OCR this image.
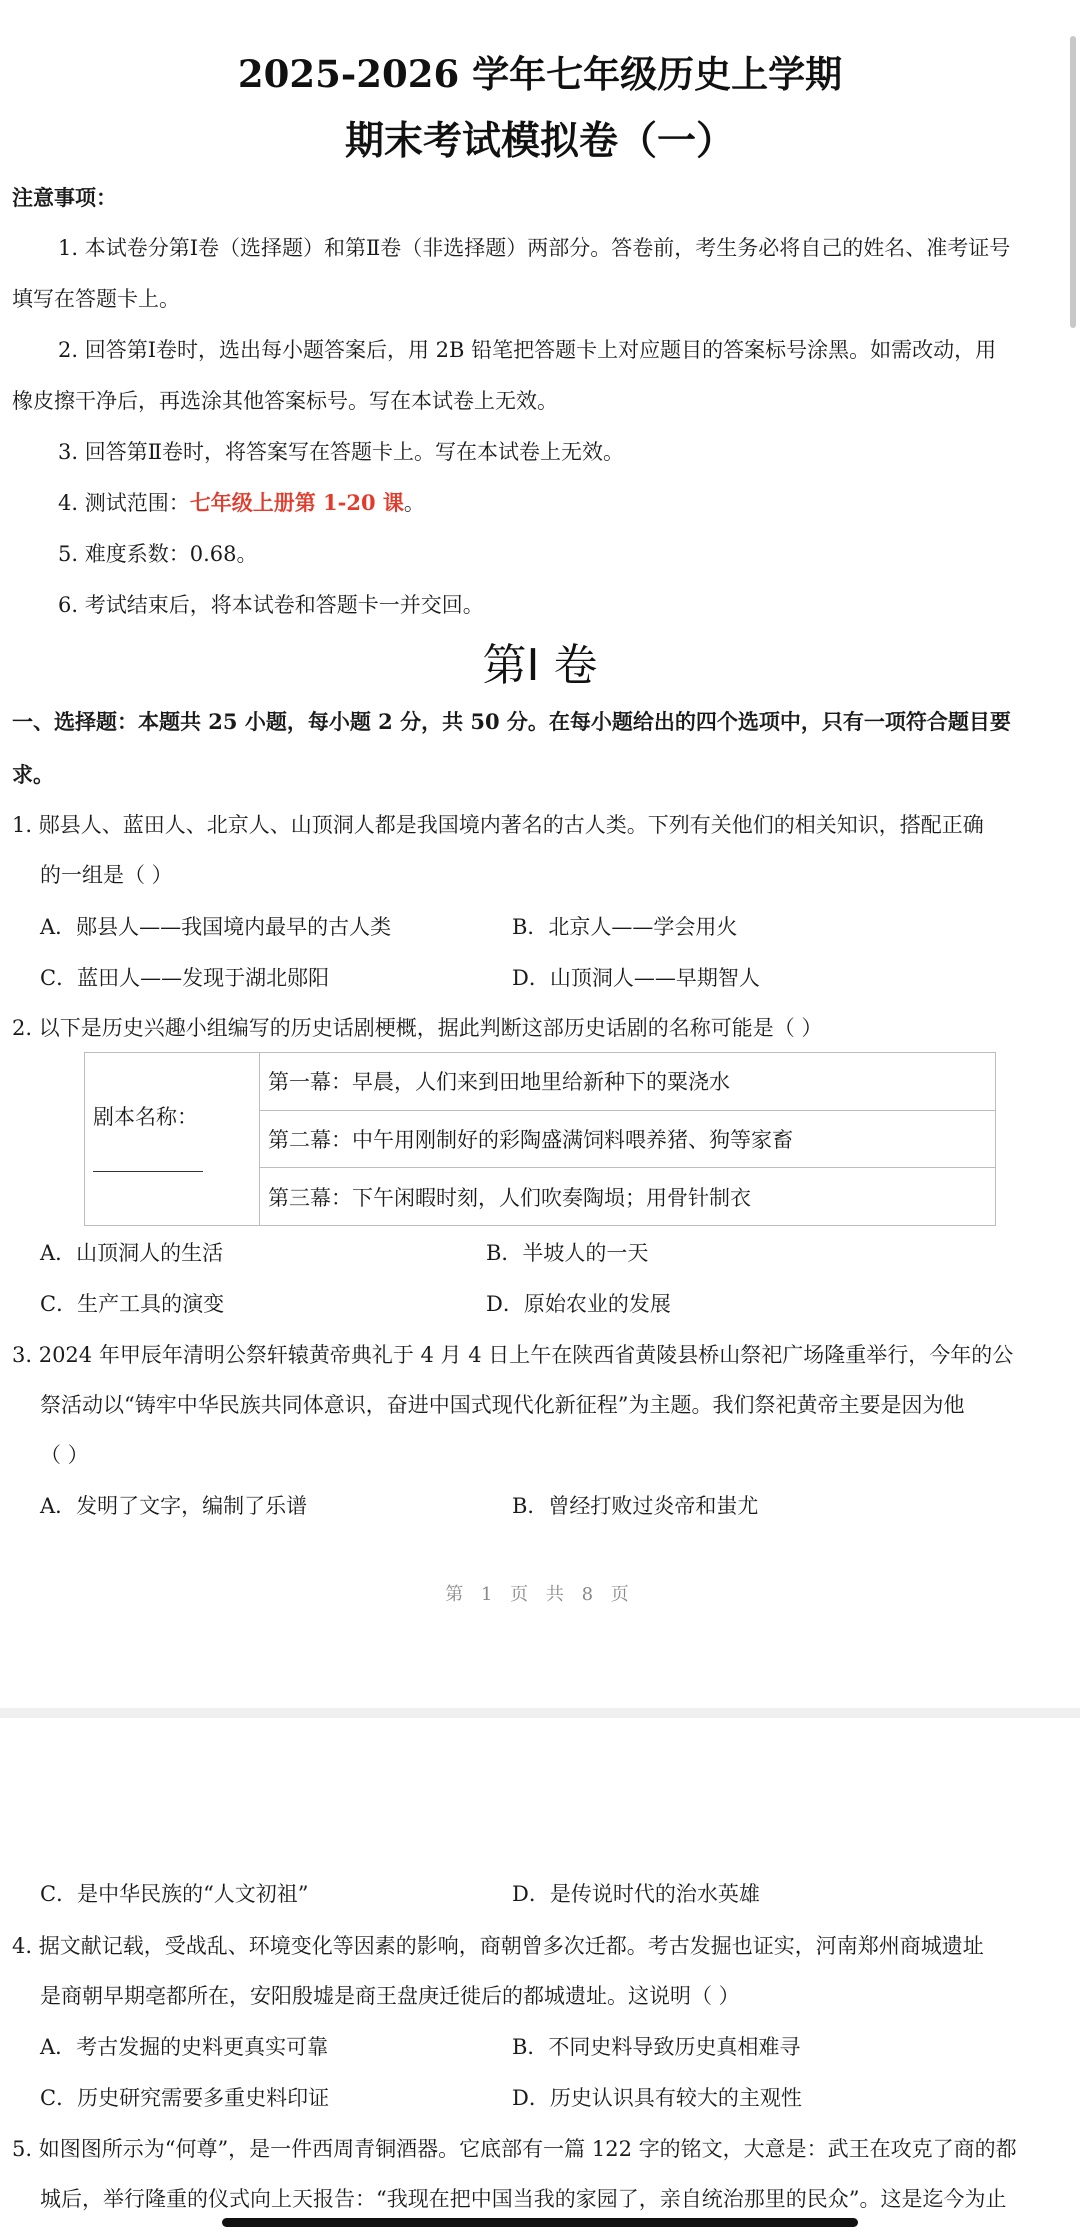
2025-2026 学年七年级历史上学期
期末考试模拟卷（一）
注意事项：
1. 本试卷分第Ⅰ卷（选择题）和第Ⅱ卷（非选择题）两部分。答卷前，考生务必将自己的姓名、准考证号
填写在答题卡上。
2. 回答第Ⅰ卷时，选出每小题答案后，用 2B 铅笔把答题卡上对应题目的答案标号涂黑。如需改动，用
橡皮擦干净后，再选涂其他答案标号。写在本试卷上无效。
3. 回答第Ⅱ卷时，将答案写在答题卡上。写在本试卷上无效。
4. 测试范围：七年级上册第 1-20 课。
5. 难度系数：0.68。
6. 考试结束后，将本试卷和答题卡一并交回。
第Ⅰ 卷
一、选择题：本题共 25 小题，每小题 2 分，共 50 分。在每小题给出的四个选项中，只有一项符合题目要
求。
1. 郧县人、蓝田人、北京人、山顶洞人都是我国境内著名的古人类。下列有关他们的相关知识，搭配正确
的一组是（ ）
A．郧县人——我国境内最早的古人类	B．北京人——学会用火
C．蓝田人——发现于湖北郧阳	D．山顶洞人——早期智人
2. 以下是历史兴趣小组编写的历史话剧梗概，据此判断这部历史话剧的名称可能是（ ）
剧本名称：
	第一幕：早晨，人们来到田地里给新种下的粟浇水
第二幕：中午用刚制好的彩陶盛满饲料喂养猪、狗等家畜
第三幕：下午闲暇时刻，人们吹奏陶埙；用骨针制衣
A．山顶洞人的生活	B．半坡人的一天
C．生产工具的演变	D．原始农业的发展
3. 2024 年甲辰年清明公祭轩辕黄帝典礼于 4 月 4 日上午在陕西省黄陵县桥山祭祀广场隆重举行，今年的公
祭活动以“铸牢中华民族共同体意识，奋进中国式现代化新征程”为主题。我们祭祀黄帝主要是因为他
（ ）
A．发明了文字，编制了乐谱	B．曾经打败过炎帝和蚩尤
第 1 页 共 8 页
C．是中华民族的“人文初祖”	D．是传说时代的治水英雄
4. 据文献记载，受战乱、环境变化等因素的影响，商朝曾多次迁都。考古发掘也证实，河南郑州商城遗址
是商朝早期亳都所在，安阳殷墟是商王盘庚迁徙后的都城遗址。这说明（ ）
A．考古发掘的史料更真实可靠	B．不同史料导致历史真相难寻
C．历史研究需要多重史料印证	D．历史认识具有较大的主观性
5. 如图图所示为“何尊”，是一件西周青铜酒器。它底部有一篇 122 字的铭文，大意是：武王在攻克了商的都
城后，举行隆重的仪式向上天报告：“我现在把中国当我的家园了，亲自统治那里的民众”。这是迄今为止
